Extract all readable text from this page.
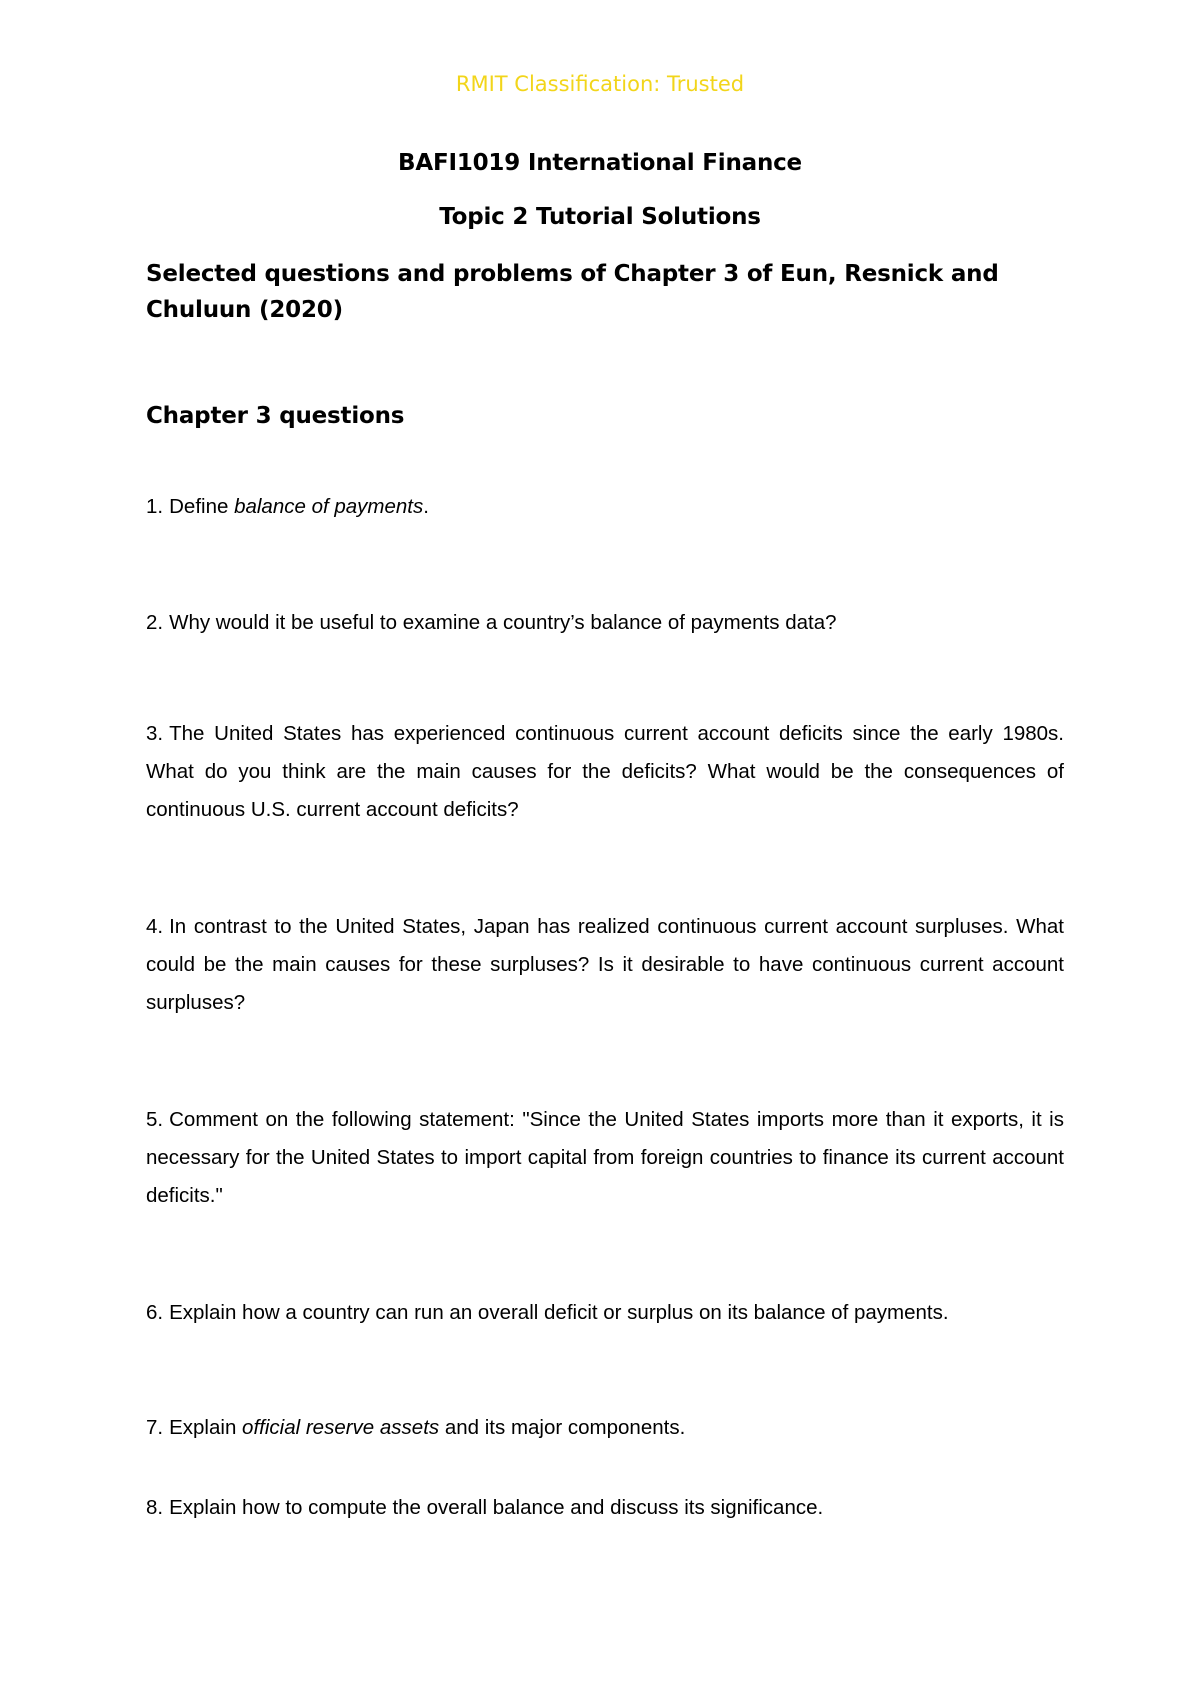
RMIT Classification: Trusted
BAFI1019 International Finance
Topic 2 Tutorial Solutions
Selected questions and problems of Chapter 3 of Eun, Resnick and Chuluun (2020)
Chapter 3 questions

1. Define balance of payments.

2. Why would it be useful to examine a country’s balance of payments data?

3. The United States has experienced continuous current account deficits since the early 1980s. What do you think are the main causes for the deficits? What would be the consequences of continuous U.S. current account deficits?

4. In contrast to the United States, Japan has realized continuous current account surpluses. What could be the main causes for these surpluses? Is it desirable to have continuous current account surpluses?

5. Comment on the following statement: "Since the United States imports more than it exports, it is necessary for the United States to import capital from foreign countries to finance its current account deficits."

6. Explain how a country can run an overall deficit or surplus on its balance of payments.

7. Explain official reserve assets and its major components.

8. Explain how to compute the overall balance and discuss its significance.
